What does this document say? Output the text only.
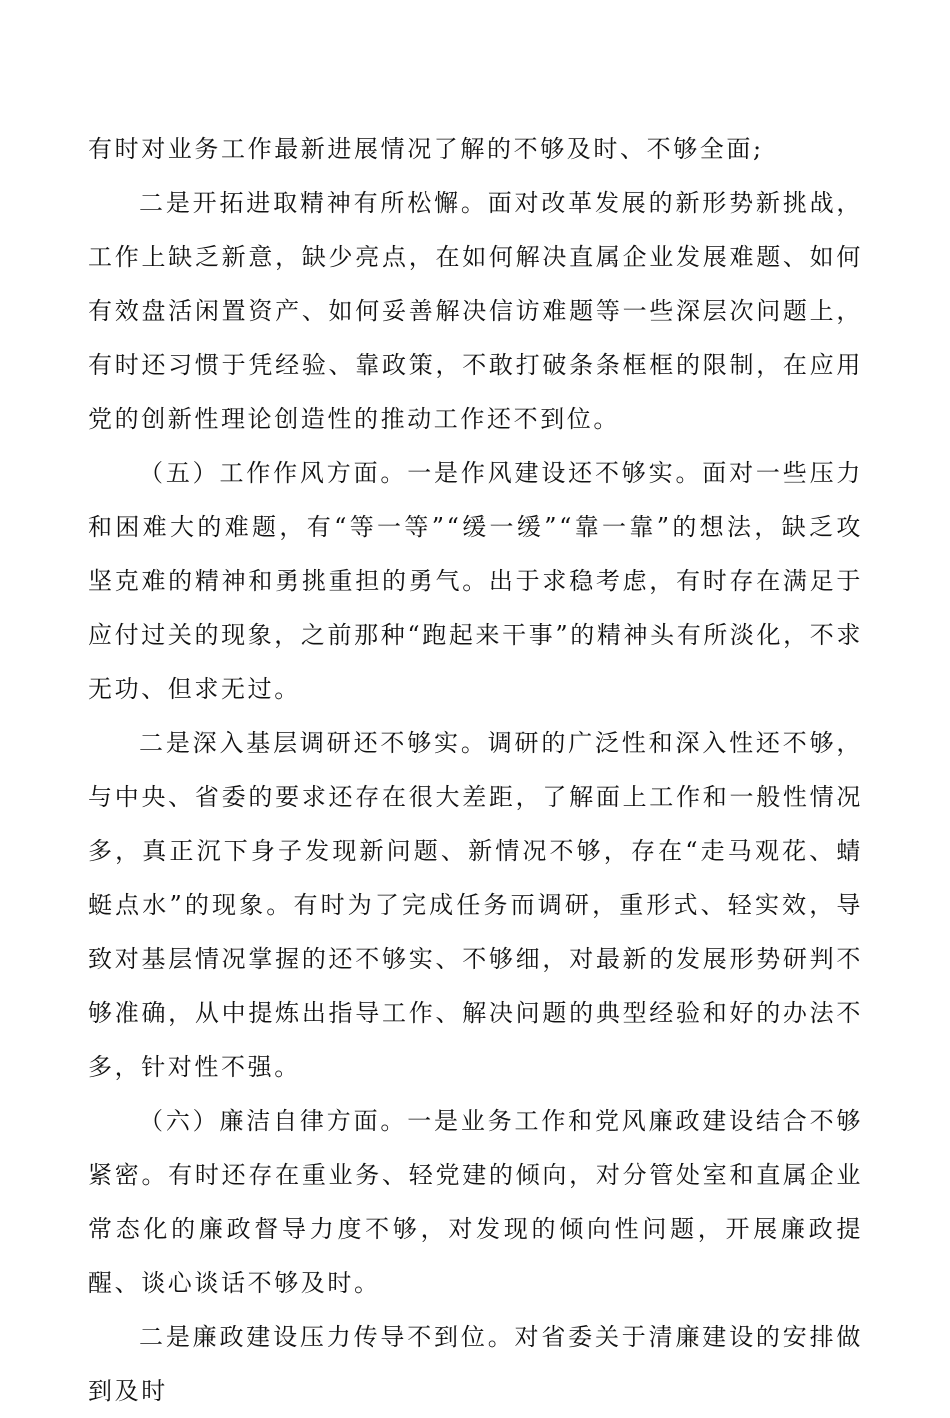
有时对业务工作最新进展情况了解的不够及时、不够全面;

二是开拓进取精神有所松懈。面对改革发展的新形势新挑战，工作上缺乏新意，缺少亮点，在如何解决直属企业发展难题、如何有效盘活闲置资产、如何妥善解决信访难题等一些深层次问题上，有时还习惯于凭经验、靠政策，不敢打破条条框框的限制，在应用党的创新性理论创造性的推动工作还不到位。

（五）工作作风方面。一是作风建设还不够实。面对一些压力和困难大的难题，有“等一等”“缓一缓”“靠一靠”的想法，缺乏攻坚克难的精神和勇挑重担的勇气。出于求稳考虑，有时存在满足于应付过关的现象，之前那种“跑起来干事”的精神头有所淡化，不求无功、但求无过。

二是深入基层调研还不够实。调研的广泛性和深入性还不够，与中央、省委的要求还存在很大差距，了解面上工作和一般性情况多，真正沉下身子发现新问题、新情况不够，存在“走马观花、蜻蜓点水”的现象。有时为了完成任务而调研，重形式、轻实效，导致对基层情况掌握的还不够实、不够细，对最新的发展形势研判不够准确，从中提炼出指导工作、解决问题的典型经验和好的办法不多，针对性不强。

（六）廉洁自律方面。一是业务工作和党风廉政建设结合不够紧密。有时还存在重业务、轻党建的倾向，对分管处室和直属企业常态化的廉政督导力度不够，对发现的倾向性问题，开展廉政提醒、谈心谈话不够及时。

二是廉政建设压力传导不到位。对省委关于清廉建设的安排做到及时
